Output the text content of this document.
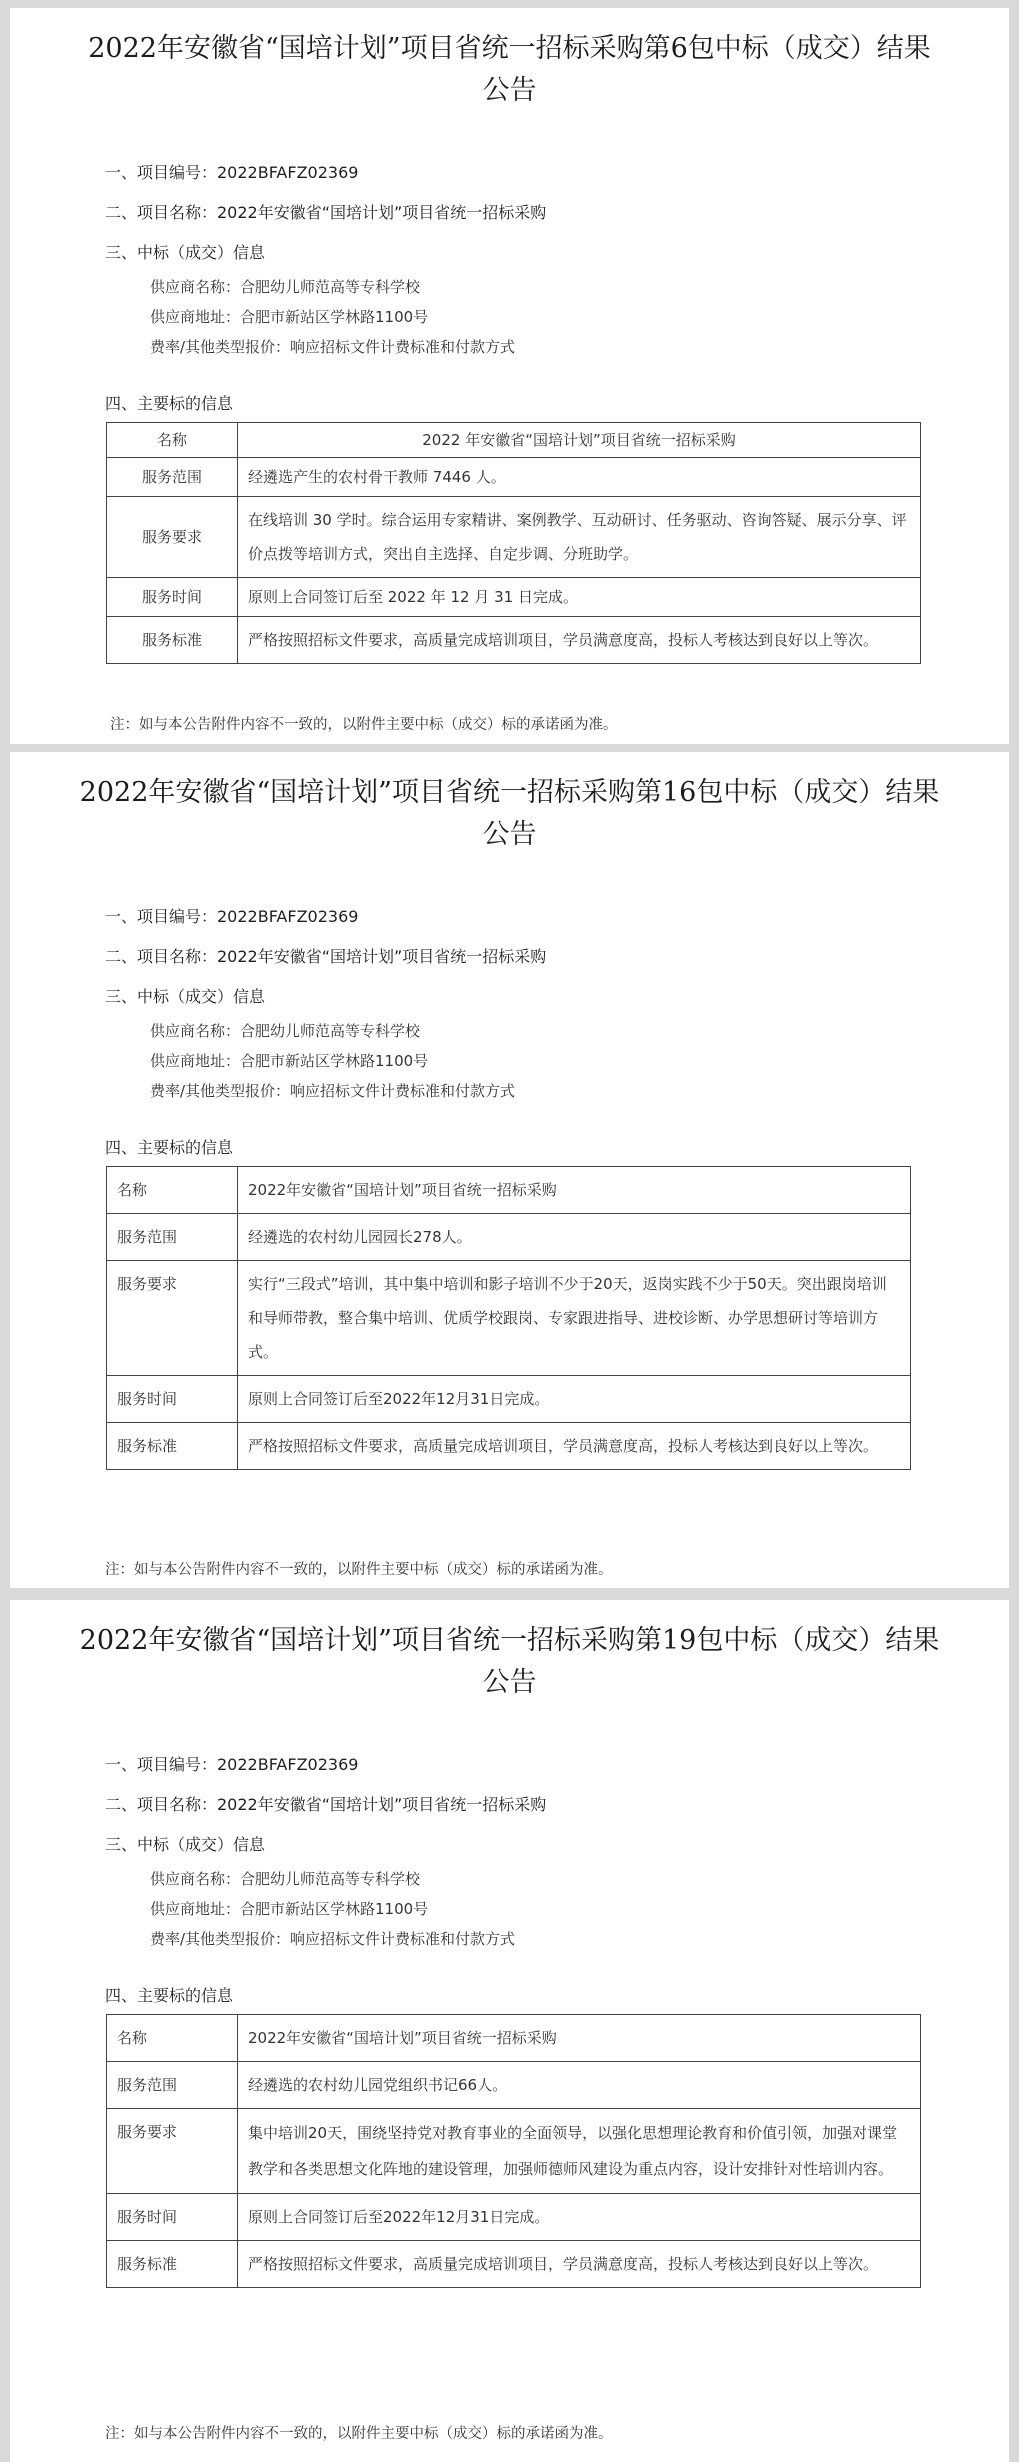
2022年安徽省“国培计划”项目省统一招标采购第6包中标（成交）结果公告
一、项目编号：2022BFAFZ02369
二、项目名称：2022年安徽省“国培计划”项目省统一招标采购
三、中标（成交）信息
供应商名称：合肥幼儿师范高等专科学校
供应商地址：合肥市新站区学林路1100号
费率/其他类型报价：响应招标文件计费标准和付款方式
四、主要标的信息
名称	2022 年安徽省“国培计划”项目省统一招标采购
服务范围	经遴选产生的农村骨干教师 7446 人。
服务要求	在线培训 30 学时。综合运用专家精讲、案例教学、互动研讨、任务驱动、咨询答疑、展示分享、评价点拨等培训方式，突出自主选择、自定步调、分班助学。
服务时间	原则上合同签订后至 2022 年 12 月 31 日完成。
服务标准	严格按照招标文件要求，高质量完成培训项目，学员满意度高，投标人考核达到良好以上等次。
注：如与本公告附件内容不一致的，以附件主要中标（成交）标的承诺函为准。
2022年安徽省“国培计划”项目省统一招标采购第16包中标（成交）结果公告
一、项目编号：2022BFAFZ02369
二、项目名称：2022年安徽省“国培计划”项目省统一招标采购
三、中标（成交）信息
供应商名称：合肥幼儿师范高等专科学校
供应商地址：合肥市新站区学林路1100号
费率/其他类型报价：响应招标文件计费标准和付款方式
四、主要标的信息
名称	2022年安徽省“国培计划”项目省统一招标采购
服务范围	经遴选的农村幼儿园园长278人。
服务要求	实行“三段式”培训，其中集中培训和影子培训不少于20天，返岗实践不少于50天。突出跟岗培训和导师带教，整合集中培训、优质学校跟岗、专家跟进指导、进校诊断、办学思想研讨等培训方式。
服务时间	原则上合同签订后至2022年12月31日完成。
服务标准	严格按照招标文件要求，高质量完成培训项目，学员满意度高，投标人考核达到良好以上等次。
注：如与本公告附件内容不一致的，以附件主要中标（成交）标的承诺函为准。
2022年安徽省“国培计划”项目省统一招标采购第19包中标（成交）结果公告
一、项目编号：2022BFAFZ02369
二、项目名称：2022年安徽省“国培计划”项目省统一招标采购
三、中标（成交）信息
供应商名称：合肥幼儿师范高等专科学校
供应商地址：合肥市新站区学林路1100号
费率/其他类型报价：响应招标文件计费标准和付款方式
四、主要标的信息
名称	2022年安徽省“国培计划”项目省统一招标采购
服务范围	经遴选的农村幼儿园党组织书记66人。
服务要求	集中培训20天，围绕坚持党对教育事业的全面领导，以强化思想理论教育和价值引领，加强对课堂教学和各类思想文化阵地的建设管理，加强师德师风建设为重点内容，设计安排针对性培训内容。
服务时间	原则上合同签订后至2022年12月31日完成。
服务标准	严格按照招标文件要求，高质量完成培训项目，学员满意度高，投标人考核达到良好以上等次。
注：如与本公告附件内容不一致的，以附件主要中标（成交）标的承诺函为准。
